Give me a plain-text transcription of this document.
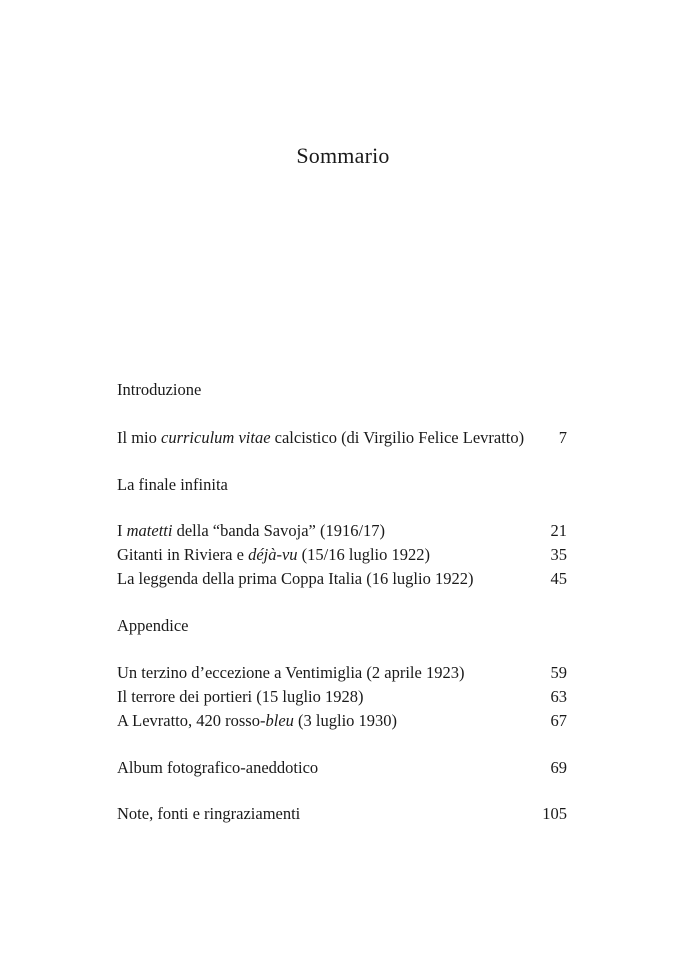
Sommario
Introduzione
Il mio curriculum vitae calcistico (di Virgilio Felice Levratto) 7
La finale infinita
I matetti della “banda Savoja” (1916/17)	21
Gitanti in Riviera e déjà-vu (15/16 luglio 1922)	35
La leggenda della prima Coppa Italia (16 luglio 1922)	45
Appendice
Un terzino d’eccezione a Ventimiglia (2 aprile 1923)	59
Il terrore dei portieri (15 luglio 1928)	63
A Levratto, 420 rosso-bleu (3 luglio 1930)	67
Album fotografico-aneddotico	69
Note, fonti e ringraziamenti	105
